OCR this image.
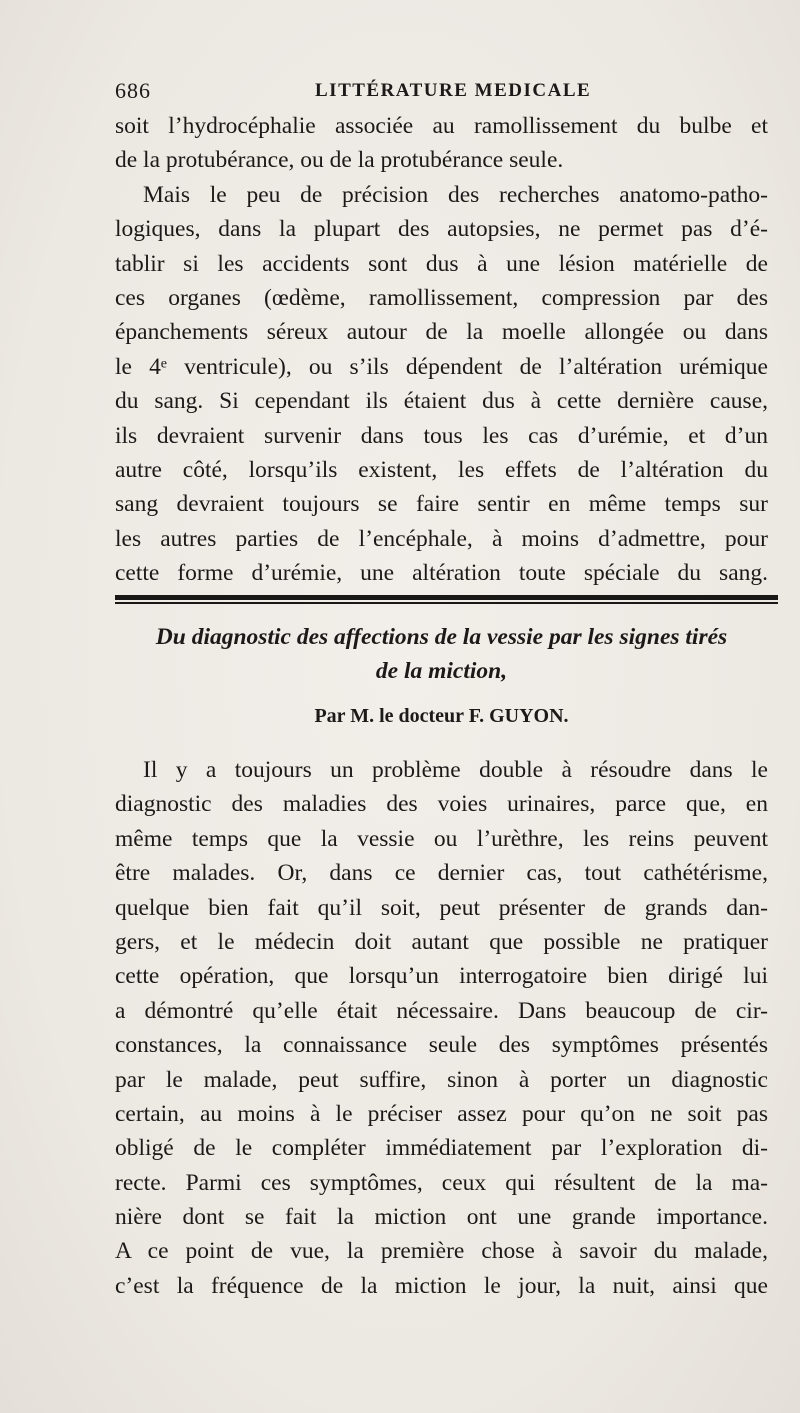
686	LITTÉRATURE MEDICALE
soit l’hydrocéphalie associée au ramollissement du bulbe et
de la protubérance, ou de la protubérance seule.
Mais le peu de précision des recherches anatomo-patho-
logiques, dans la plupart des autopsies, ne permet pas d’é-
tablir si les accidents sont dus à une lésion matérielle de
ces organes (œdème, ramollissement, compression par des
épanchements séreux autour de la moelle allongée ou dans
le 4ᵉ ventricule), ou s’ils dépendent de l’altération urémique
du sang. Si cependant ils étaient dus à cette dernière cause,
ils devraient survenir dans tous les cas d’urémie, et d’un
autre côté, lorsqu’ils existent, les effets de l’altération du
sang devraient toujours se faire sentir en même temps sur
les autres parties de l’encéphale, à moins d’admettre, pour
cette forme d’urémie, une altération toute spéciale du sang.
Du diagnostic des affections de la vessie par les signes tirés
de la miction,
Par M. le docteur F. GUYON.
Il y a toujours un problème double à résoudre dans le
diagnostic des maladies des voies urinaires, parce que, en
même temps que la vessie ou l’urèthre, les reins peuvent
être malades. Or, dans ce dernier cas, tout cathétérisme,
quelque bien fait qu’il soit, peut présenter de grands dan-
gers, et le médecin doit autant que possible ne pratiquer
cette opération, que lorsqu’un interrogatoire bien dirigé lui
a démontré qu’elle était nécessaire. Dans beaucoup de cir-
constances, la connaissance seule des symptômes présentés
par le malade, peut suffire, sinon à porter un diagnostic
certain, au moins à le préciser assez pour qu’on ne soit pas
obligé de le compléter immédiatement par l’exploration di-
recte. Parmi ces symptômes, ceux qui résultent de la ma-
nière dont se fait la miction ont une grande importance.
A ce point de vue, la première chose à savoir du malade,
c’est la fréquence de la miction le jour, la nuit, ainsi que
